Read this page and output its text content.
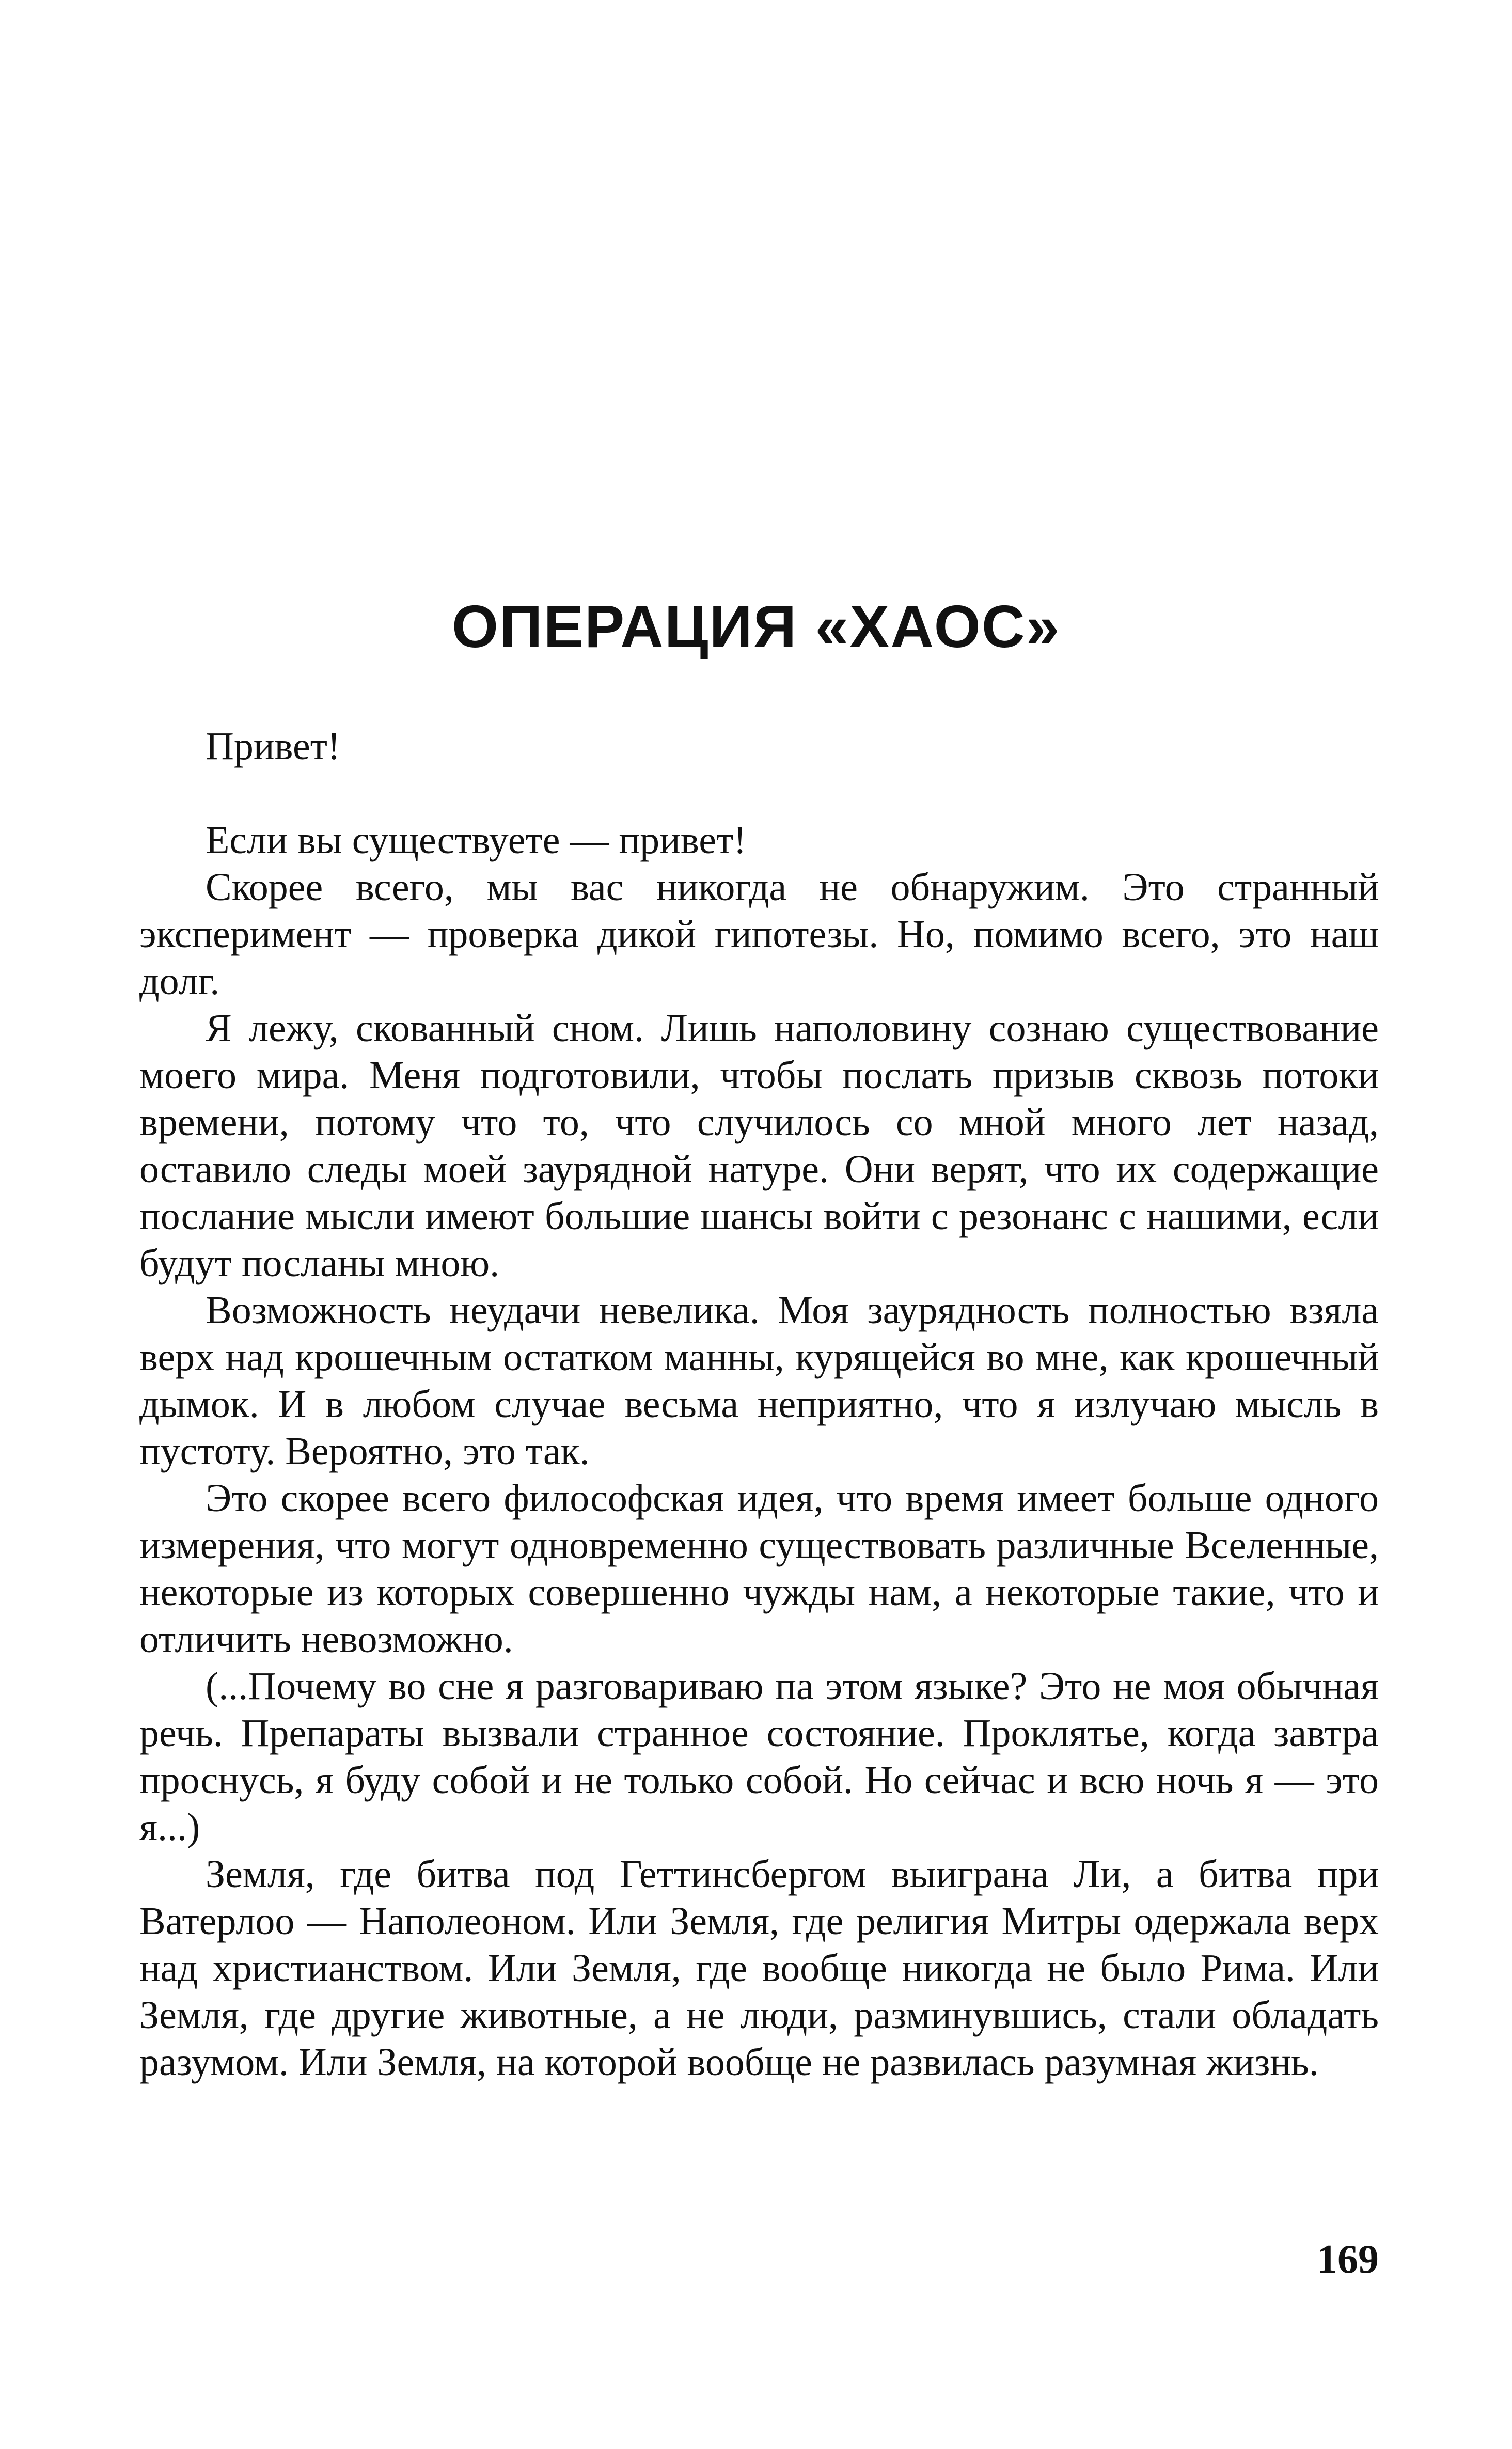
ОПЕРАЦИЯ «ХАОС»

Привет!

Если вы существуете — привет!

Скорее всего, мы вас никогда не обнаружим. Это странный эксперимент — проверка дикой гипотезы. Но, помимо всего, это наш долг.

Я лежу, скованный сном. Лишь наполовину сознаю существование моего мира. Меня подготовили, чтобы послать призыв сквозь потоки времени, потому что то, что случилось со мной много лет назад, оставило следы моей заурядной натуре. Они верят, что их содержащие послание мысли имеют большие шансы войти с резонанс с нашими, если будут посланы мною.

Возможность неудачи невелика. Моя заурядность полностью взяла верх над крошечным остатком манны, курящейся во мне, как крошечный дымок. И в любом случае весьма неприятно, что я излучаю мысль в пустоту. Вероятно, это так.

Это скорее всего философская идея, что время имеет больше одного измерения, что могут одновременно существовать различные Вселенные, некоторые из которых совершенно чужды нам, а некоторые такие, что и отличить невозможно.

(...Почему во сне я разговариваю па этом языке? Это не моя обычная речь. Препараты вызвали странное состояние. Проклятье, когда завтра проснусь, я буду собой и не только собой. Но сейчас и всю ночь я — это я...)

Земля, где битва под Геттинсбергом выиграна Ли, а битва при Ватерлоо — Наполеоном. Или Земля, где религия Митры одержала верх над христианством. Или Земля, где вообще никогда не было Рима. Или Земля, где другие животные, а не люди, разминувшись, стали обладать разумом. Или Земля, на которой вообще не развилась разумная жизнь.

169
